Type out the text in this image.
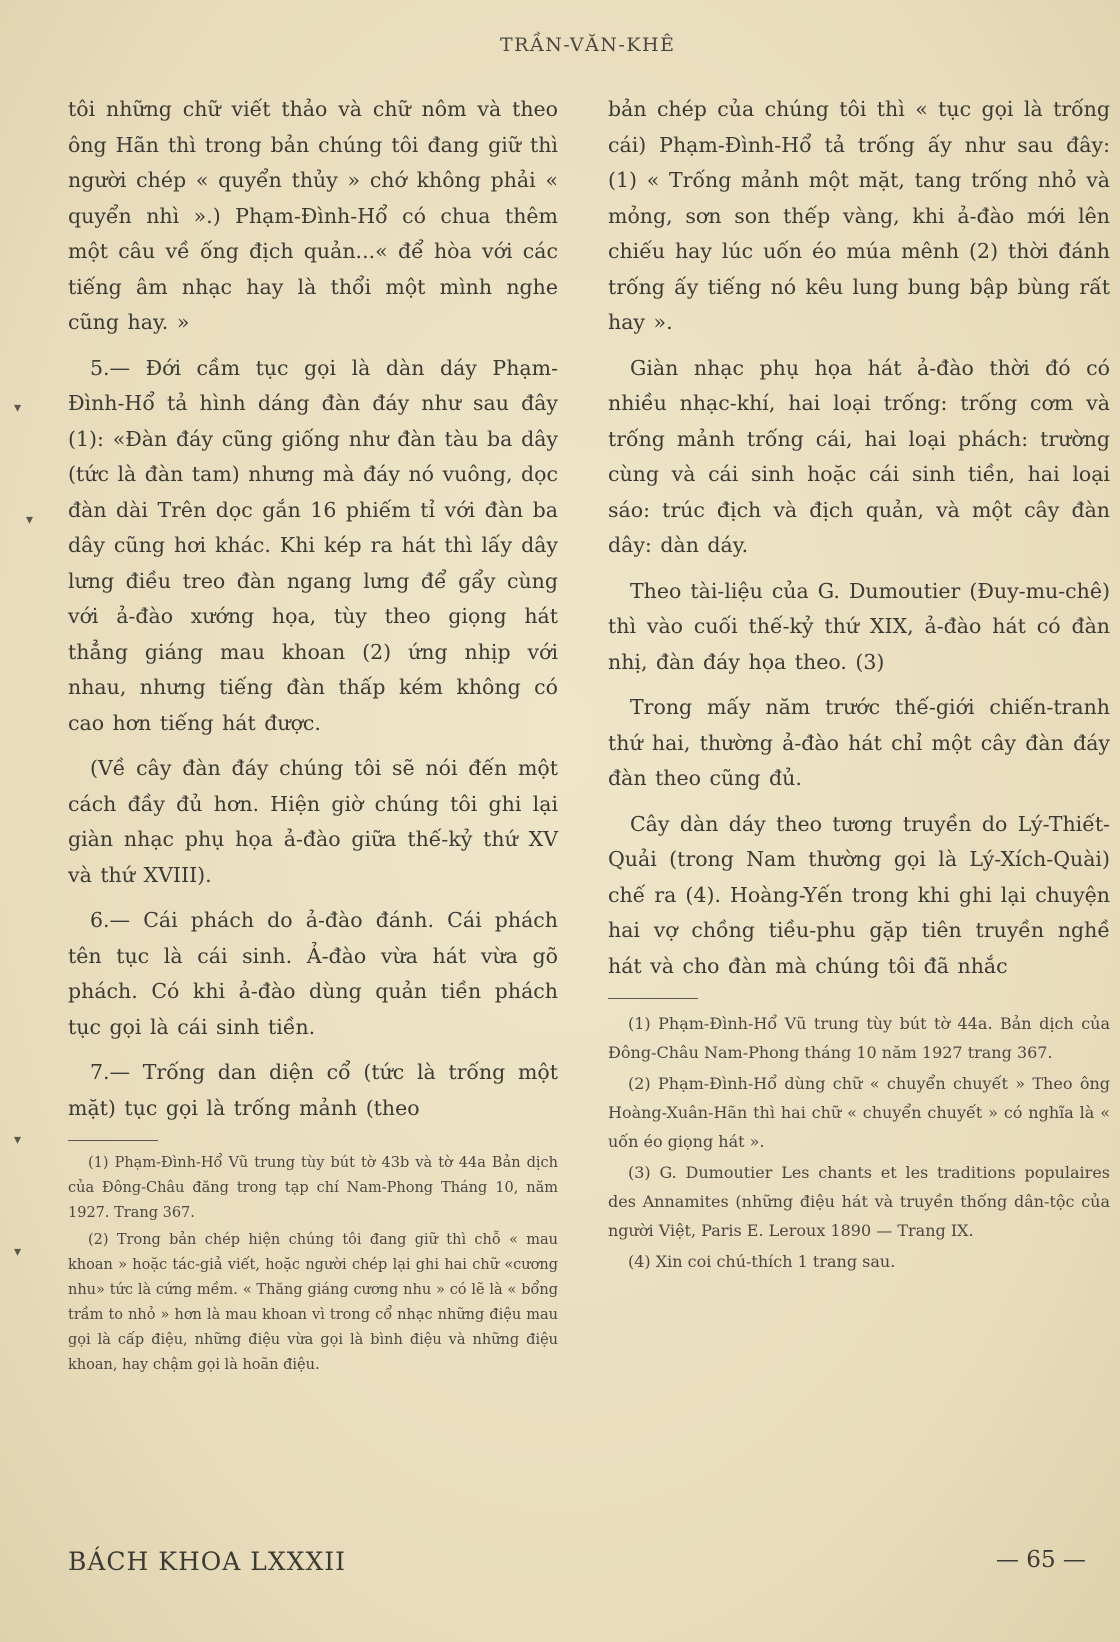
TRẦN-VĂN-KHÊ
▾
▾
▾
▾

tôi những chữ viết thảo và chữ nôm và theo ông Hãn thì trong bản chúng tôi đang giữ thì người chép « quyển thủy » chớ không phải « quyển nhì ».) Phạm-Đình-Hổ có chua thêm một câu về ống địch quản...« để hòa với các tiếng âm nhạc hay là thổi một mình nghe cũng hay. »

5.— Đới cầm tục gọi là dàn dáy Phạm-Đình-Hổ tả hình dáng đàn đáy như sau đây (1): «Đàn đáy cũng giống như đàn tàu ba dây (tức là đàn tam) nhưng mà đáy nó vuông, dọc đàn dài Trên dọc gắn 16 phiếm tỉ với đàn ba dây cũng hơi khác. Khi kép ra hát thì lấy dây lưng điều treo đàn ngang lưng để gẩy cùng với ả-đào xướng họa, tùy theo giọng hát thẳng giáng mau khoan (2) ứng nhịp với nhau, nhưng tiếng đàn thấp kém không có cao hơn tiếng hát được.

(Về cây đàn đáy chúng tôi sẽ nói đến một cách đầy đủ hơn. Hiện giờ chúng tôi ghi lại giàn nhạc phụ họa ả-đào giữa thế-kỷ thứ XV và thứ XVIII).

6.— Cái phách do ả-đào đánh. Cái phách tên tục là cái sinh. Ả-đào vừa hát vừa gõ phách. Có khi ả-đào dùng quản tiền phách tục gọi là cái sinh tiền.

7.— Trống dan diện cổ (tức là trống một mặt) tục gọi là trống mảnh (theo

(1) Phạm-Đình-Hổ Vũ trung tùy bút tờ 43b và tờ 44a Bản dịch của Đông-Châu đăng trong tạp chí Nam-Phong Tháng 10, năm 1927. Trang 367.

(2) Trong bản chép hiện chúng tôi đang giữ thì chỗ « mau khoan » hoặc tác-giả viết, hoặc người chép lại ghi hai chữ «cương nhu» tức là cứng mềm. « Thăng giáng cương nhu » có lẽ là « bổng trầm to nhỏ » hơn là mau khoan vì trong cổ nhạc những điệu mau gọi là cấp điệu, những điệu vừa gọi là bình điệu và những điệu khoan, hay chậm gọi là hoãn điệu.

bản chép của chúng tôi thì « tục gọi là trống cái) Phạm-Đình-Hổ tả trống ấy như sau đây: (1) « Trống mảnh một mặt, tang trống nhỏ và mỏng, sơn son thếp vàng, khi ả-đào mới lên chiếu hay lúc uốn éo múa mênh (2) thời đánh trống ấy tiếng nó kêu lung bung bập bùng rất hay ».

Giàn nhạc phụ họa hát ả-đào thời đó có nhiều nhạc-khí, hai loại trống: trống cơm và trống mảnh trống cái, hai loại phách: trường cùng và cái sinh hoặc cái sinh tiền, hai loại sáo: trúc địch và địch quản, và một cây đàn dây: dàn dáy.

Theo tài-liệu của G. Dumoutier (Đuy-mu-chê) thì vào cuối thế-kỷ thứ XIX, ả-đào hát có đàn nhị, đàn đáy họa theo. (3)

Trong mấy năm trước thế-giới chiến-tranh thứ hai, thường ả-đào hát chỉ một cây đàn đáy đàn theo cũng đủ.

Cây dàn dáy theo tương truyền do Lý-Thiết-Quải (trong Nam thường gọi là Lý-Xích-Quài) chế ra (4). Hoàng-Yến trong khi ghi lại chuyện hai vợ chồng tiều-phu gặp tiên truyền nghề hát và cho đàn mà chúng tôi đã nhắc

(1) Phạm-Đình-Hổ Vũ trung tùy bút tờ 44a. Bản dịch của Đông-Châu Nam-Phong tháng 10 năm 1927 trang 367.

(2) Phạm-Đình-Hổ dùng chữ « chuyển chuyết » Theo ông Hoàng-Xuân-Hãn thì hai chữ « chuyển chuyết » có nghĩa là « uốn éo giọng hát ».

(3) G. Dumoutier Les chants et les traditions populaires des Annamites (những điệu hát và truyền thống dân-tộc của người Việt, Paris E. Leroux 1890 — Trang IX.

(4) Xin coi chú-thích 1 trang sau.

BÁCH KHOA LXXXII	— 65 —
